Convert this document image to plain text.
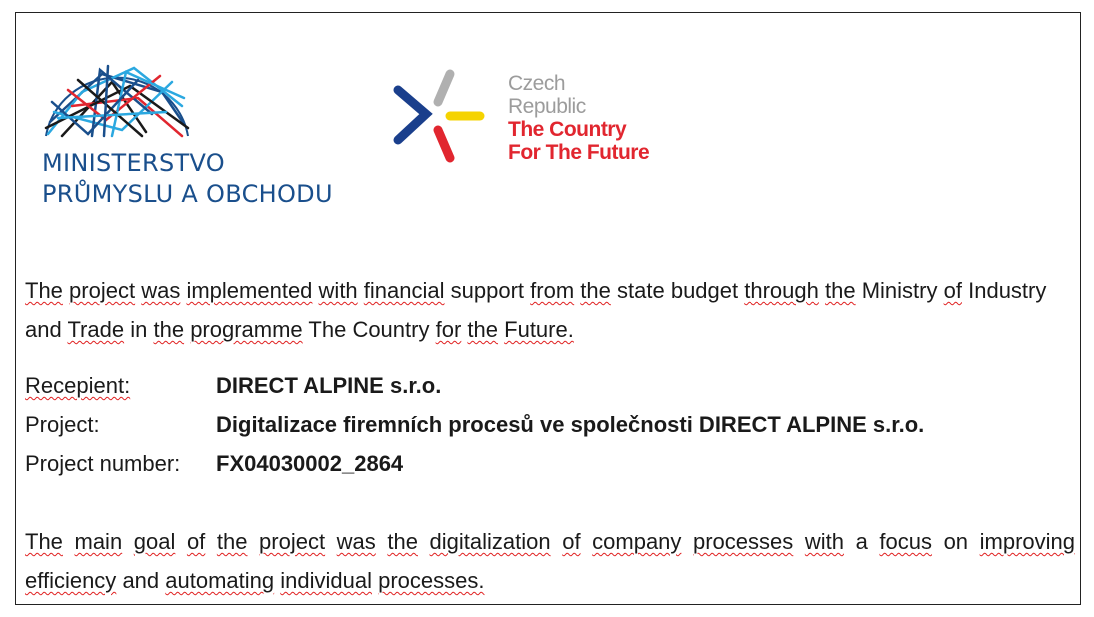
MINISTERSTVO
PRŮMYSLU A OBCHODU
Czech
Republic
The Country
For The Future
The project was implemented with financial support from the state budget through the Ministry of Industry and Trade in the programme The Country for the Future.
Recepient:	DIRECT ALPINE s.r.o.
Project:	Digitalizace firemních procesů ve společnosti DIRECT ALPINE s.r.o.
Project number: FX04030002_2864
The main goal of the project was the digitalization of company processes with a focus on improving
efficiency and automating individual processes.
